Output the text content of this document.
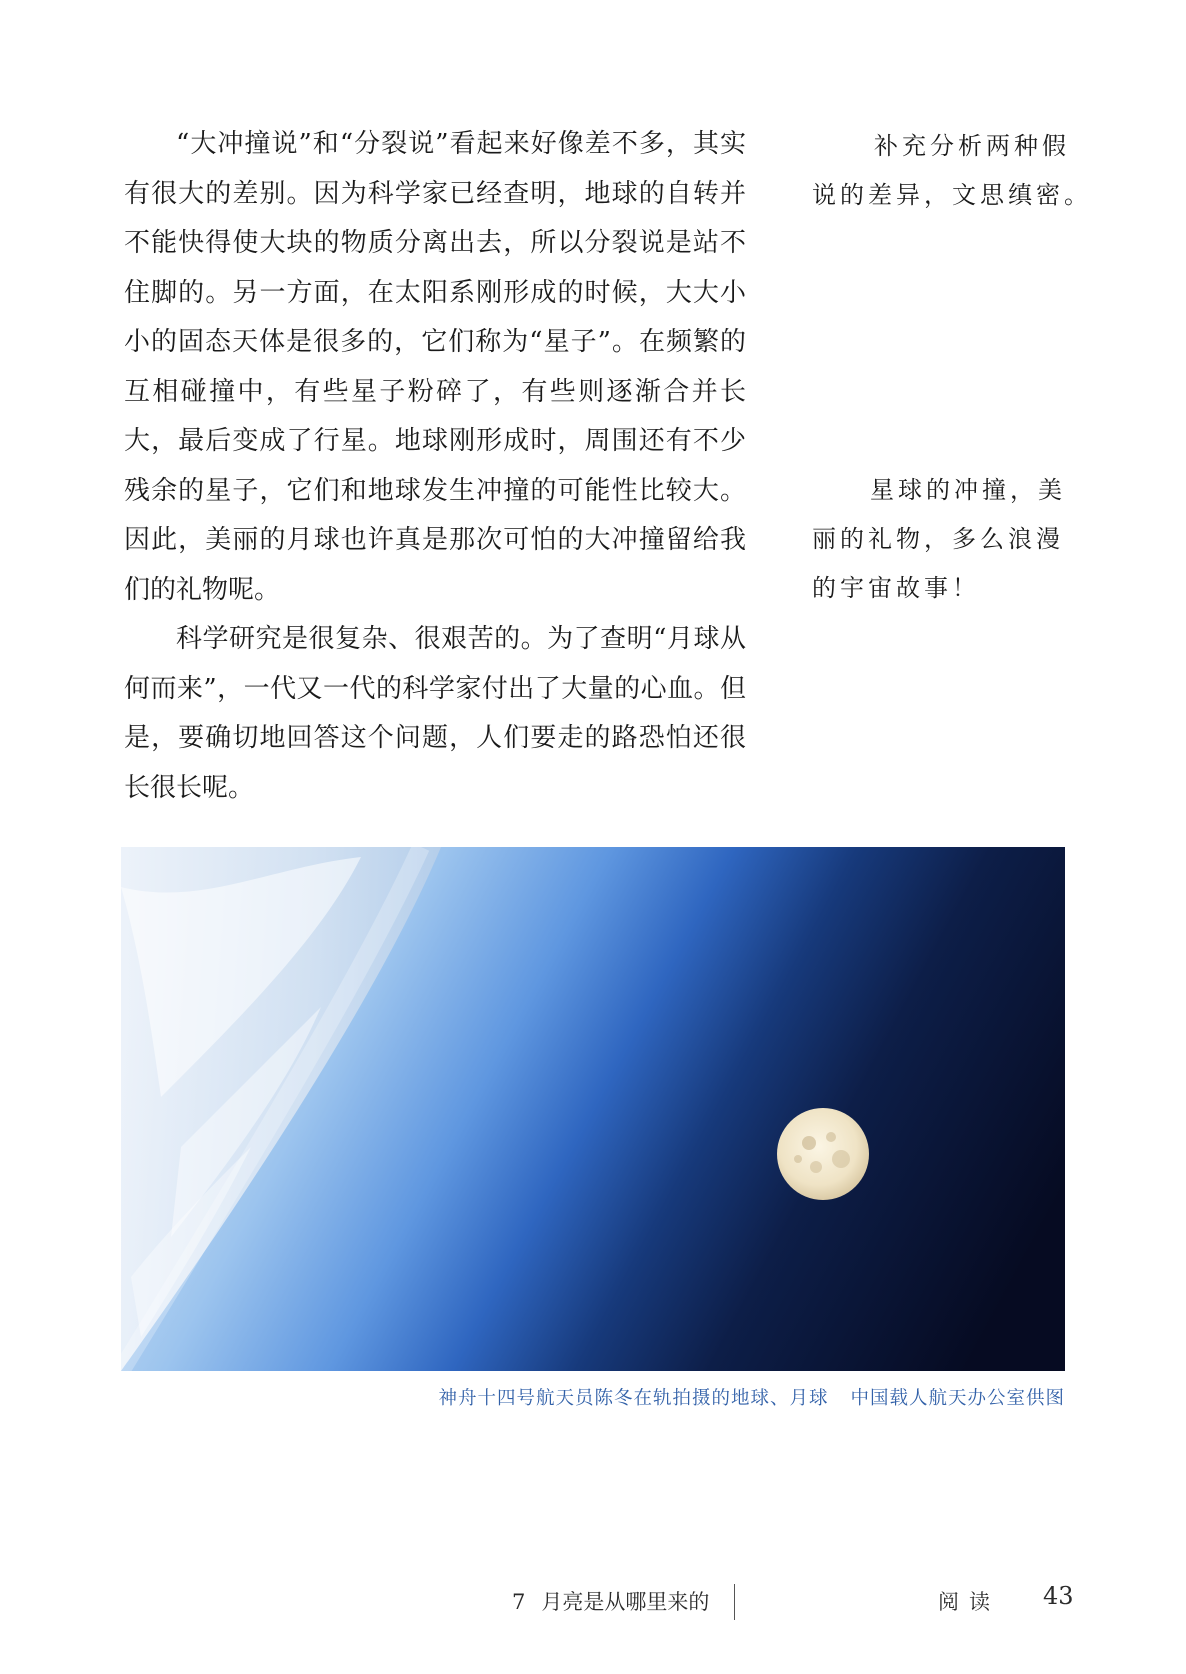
“大冲撞说”和“分裂说”看起来好像差不多，其实有很大的差别。因为科学家已经查明，地球的自转并不能快得使大块的物质分离出去，所以分裂说是站不住脚的。另一方面，在太阳系刚形成的时候，大大小小的固态天体是很多的，它们称为“星子”。在频繁的互相碰撞中，有些星子粉碎了，有些则逐渐合并长大，最后变成了行星。地球刚形成时，周围还有不少残余的星子，它们和地球发生冲撞的可能性比较大。因此，美丽的月球也许真是那次可怕的大冲撞留给我们的礼物呢。

科学研究是很复杂、很艰苦的。为了查明“月球从何而来”，一代又一代的科学家付出了大量的心血。但是，要确切地回答这个问题，人们要走的路恐怕还很长很长呢。

补充分析两种假
说的差异，文思缜密。
星球的冲撞，美
丽的礼物，多么浪漫
的宇宙故事！
神舟十四号航天员陈冬在轨拍摄的地球、月球 中国载人航天办公室供图
7 月亮是从哪里来的	阅读 43
